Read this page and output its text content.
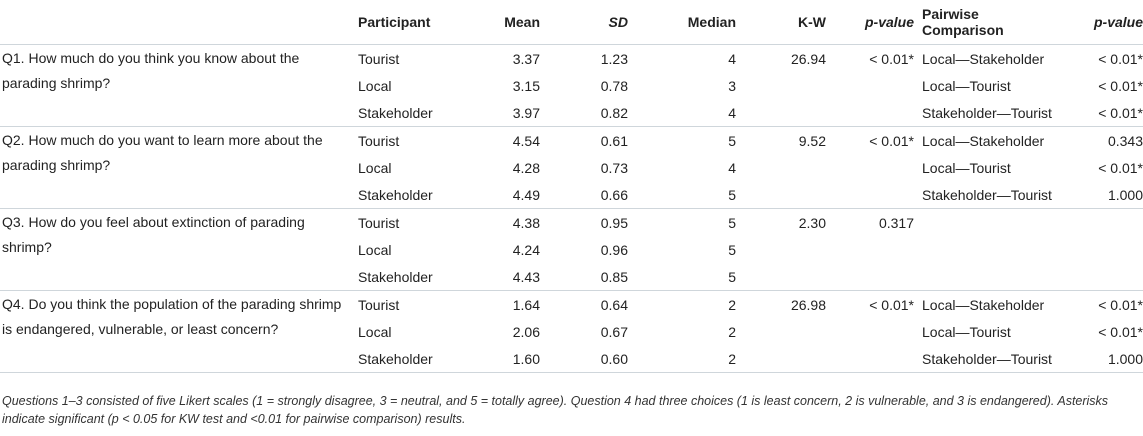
	Participant	Mean	SD	Median	K-W	p-value	Pairwise Comparison	p-value
Q1. How much do you think you know about the parading shrimp?	Tourist	3.37	1.23	4	26.94	< 0.01*	Local—Stakeholder	< 0.01*
	Local	3.15	0.78	3			Local—Tourist	< 0.01*
	Stakeholder	3.97	0.82	4			Stakeholder—Tourist	< 0.01*
Q2. How much do you want to learn more about the parading shrimp?	Tourist	4.54	0.61	5	9.52	< 0.01*	Local—Stakeholder	0.343
	Local	4.28	0.73	4			Local—Tourist	< 0.01*
	Stakeholder	4.49	0.66	5			Stakeholder—Tourist	1.000
Q3. How do you feel about extinction of parading shrimp?	Tourist	4.38	0.95	5	2.30	0.317		
	Local	4.24	0.96	5				
	Stakeholder	4.43	0.85	5				
Q4. Do you think the population of the parading shrimp is endangered, vulnerable, or least concern?	Tourist	1.64	0.64	2	26.98	< 0.01*	Local—Stakeholder	< 0.01*
	Local	2.06	0.67	2			Local—Tourist	< 0.01*
	Stakeholder	1.60	0.60	2			Stakeholder—Tourist	1.000
Questions 1–3 consisted of five Likert scales (1 = strongly disagree, 3 = neutral, and 5 = totally agree). Question 4 had three choices (1 is least concern, 2 is vulnerable, and 3 is endangered). Asterisks indicate significant (p < 0.05 for KW test and <0.01 for pairwise comparison) results.
